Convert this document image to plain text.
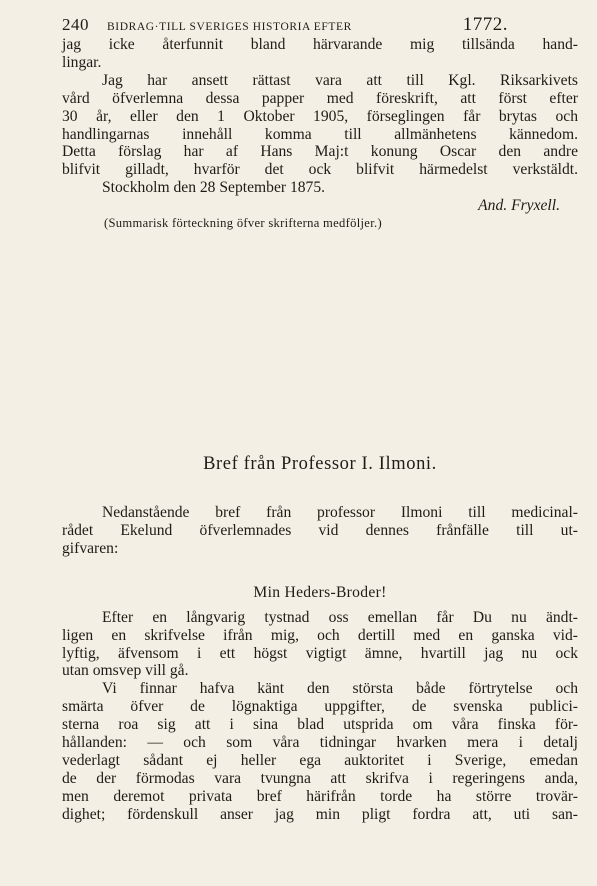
240 BIDRAG·TILL SVERIGES HISTORIA EFTER	1772.

jag icke återfunnit bland härvarande mig tillsända hand-
lingar.

Jag har ansett rättast vara att till Kgl. Riksarkivets
vård öfverlemna dessa papper med föreskrift, att först efter
30 år, eller den 1 Oktober 1905, förseglingen får brytas och
handlingarnas innehåll komma till allmänhetens kännedom.
Detta förslag har af Hans Maj:t konung Oscar den andre
blifvit gilladt, hvarför det ock blifvit härmedelst verkstäldt.

Stockholm den 28 September 1875.

And. Fryxell.
(Summarisk förteckning öfver skrifterna medföljer.)
Bref från Professor I. Ilmoni.

Nedanstående bref från professor Ilmoni till medicinal-
rådet Ekelund öfverlemnades vid dennes frånfälle till ut-
gifvaren:

Min Heders-Broder!

Efter en långvarig tystnad oss emellan får Du nu ändt-
ligen en skrifvelse ifrån mig, och dertill med en ganska vid-
lyftig, äfvensom i ett högst vigtigt ämne, hvartill jag nu ock
utan omsvep vill gå.

Vi finnar hafva känt den största både förtrytelse och
smärta öfver de lögnaktiga uppgifter, de svenska publici-
sterna roa sig att i sina blad utsprida om våra finska för-
hållanden: — och som våra tidningar hvarken mera i detalj
vederlagt sådant ej heller ega auktoritet i Sverige, emedan
de der förmodas vara tvungna att skrifva i regeringens anda,
men deremot privata bref härifrån torde ha större trovär-
dighet; fördenskull anser jag min pligt fordra att, uti san-
